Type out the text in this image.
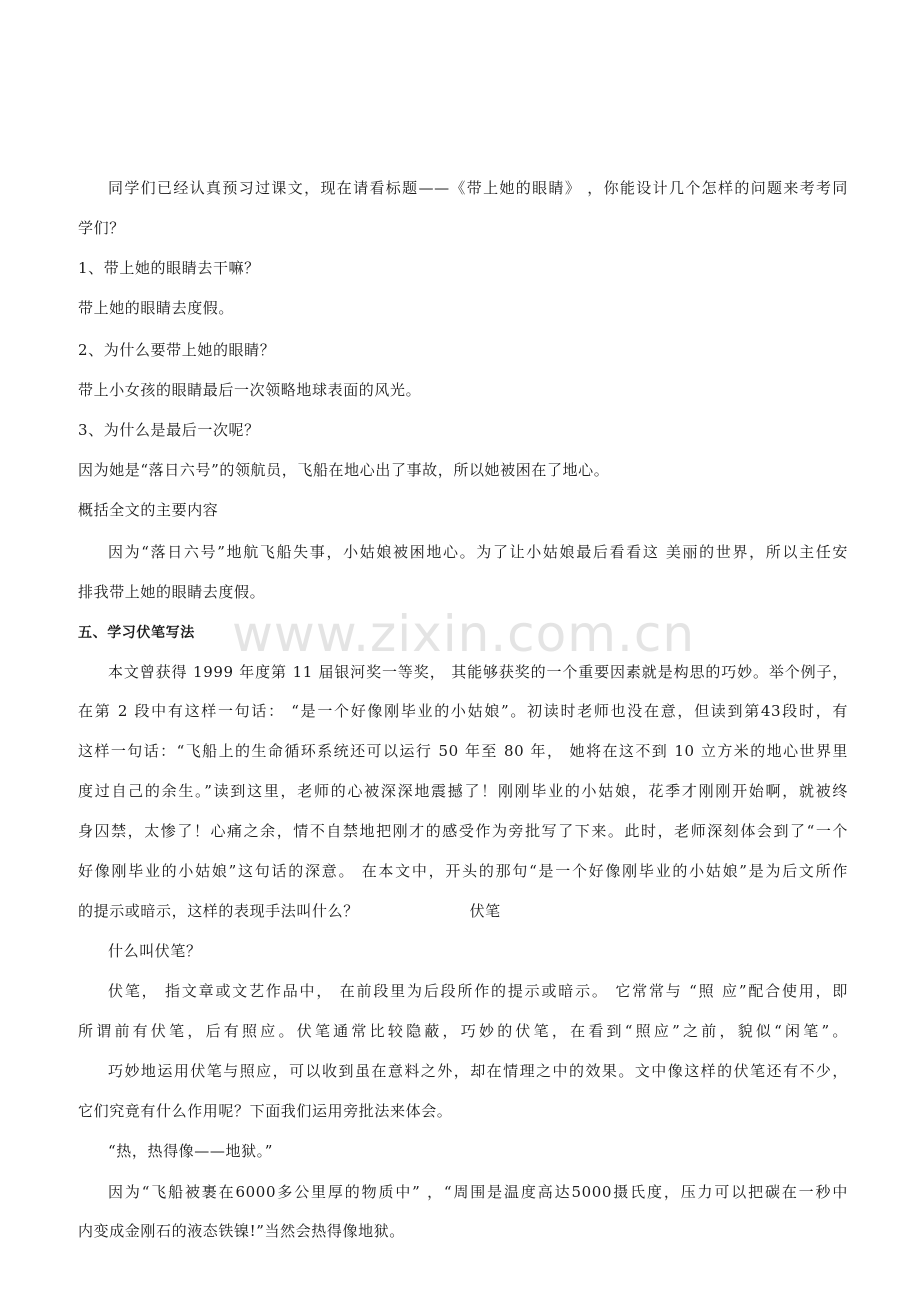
www.zixin.com.cn
同学们已经认真预习过课文，现在请看标题——《带上她的眼睛》 ，你能设计几个怎样的问题来考考同
学们？
1、带上她的眼睛去干嘛？
带上她的眼睛去度假。
2、为什么要带上她的眼睛？
带上小女孩的眼睛最后一次领略地球表面的风光。
3、为什么是最后一次呢？
因为她是“落日六号”的领航员，飞船在地心出了事故，所以她被困在了地心。
概括全文的主要内容
因为“落日六号”地航飞船失事，小姑娘被困地心。为了让小姑娘最后看看这 美丽的世界，所以主任安
排我带上她的眼睛去度假。
五、学习伏笔写法
本文曾获得 1999 年度第 11 届银河奖一等奖， 其能够获奖的一个重要因素就是构思的巧妙。举个例子，
在第 2 段中有这样一句话： “是一个好像刚毕业的小姑娘”。初读时老师也没在意，但读到第43段时，有
这样一句话：“飞船上的生命循环系统还可以运行 50 年至 80 年， 她将在这不到 10 立方米的地心世界里
度过自己的余生。”读到这里，老师的心被深深地震撼了！刚刚毕业的小姑娘，花季才刚刚开始啊，就被终
身囚禁，太惨了！心痛之余，情不自禁地把刚才的感受作为旁批写了下来。此时，老师深刻体会到了“一个
好像刚毕业的小姑娘”这句话的深意。 在本文中，开头的那句“是一个好像刚毕业的小姑娘”是为后文所作
的提示或暗示，这样的表现手法叫什么？	伏笔
什么叫伏笔？
伏笔， 指文章或文艺作品中， 在前段里为后段所作的提示或暗示。 它常常与 “照 应”配合使用，即
所谓前有伏笔，后有照应。伏笔通常比较隐蔽，巧妙的伏笔，在看到“照应”之前，貌似“闲笔”。
巧妙地运用伏笔与照应，可以收到虽在意料之外，却在情理之中的效果。文中像这样的伏笔还有不少，
它们究竟有什么作用呢？下面我们运用旁批法来体会。
“热，热得像——地狱。”
因为“飞船被裹在6000多公里厚的物质中” ，“周围是温度高达5000摄氏度，压力可以把碳在一秒中
内变成金刚石的液态铁镍!”当然会热得像地狱。
